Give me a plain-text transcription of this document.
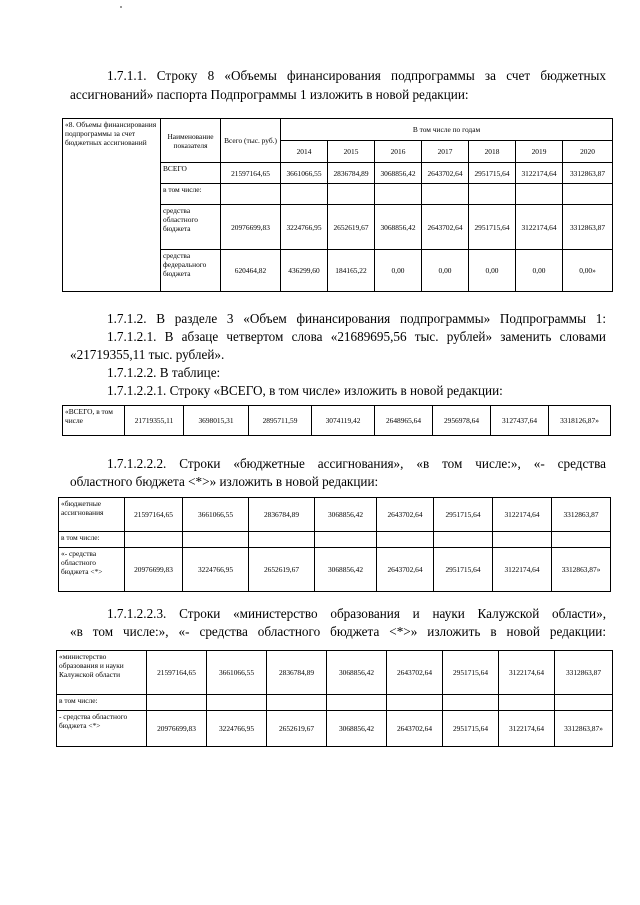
1.7.1.1. Строку 8 «Объемы финансирования подпрограммы за счет бюджетных

ассигнований» паспорта Подпрограммы 1 изложить в новой редакции:

«8. Объемы финансирования подпрограммы за счет бюджетных ассигнований	Наименование показателя	Всего (тыс. руб.)	В том числе по годам						
			2014	2015	2016	2017	2018	2019	2020
	ВСЕГО	21597164,65	3661066,55	2836784,89	3068856,42	2643702,64	2951715,64	3122174,64	3312863,87
	в том числе:								
	средства областного бюджета	20976699,83	3224766,95	2652619,67	3068856,42	2643702,64	2951715,64	3122174,64	3312863,87
	средства федерального бюджета	620464,82	436299,60	184165,22	0,00	0,00	0,00	0,00	0,00»

1.7.1.2. В разделе 3 «Объем финансирования подпрограммы» Подпрограммы 1:

1.7.1.2.1. В абзаце четвертом слова «21689695,56 тыс. рублей» заменить словами

«21719355,11 тыс. рублей».

1.7.1.2.2. В таблице:

1.7.1.2.2.1. Строку «ВСЕГО, в том числе» изложить в новой редакции:

«ВСЕГО, в том числе	21719355,11	3698015,31	2895711,59	3074119,42	2648965,64	2956978,64	3127437,64	3318126,87»

1.7.1.2.2.2. Строки «бюджетные ассигнования», «в том числе:», «- средства

областного бюджета <*>» изложить в новой редакции:

«бюджетные ассигнования	21597164,65	3661066,55	2836784,89	3068856,42	2643702,64	2951715,64	3122174,64	3312863,87
в том числе:								
«- средства областного бюджета <*>	20976699,83	3224766,95	2652619,67	3068856,42	2643702,64	2951715,64	3122174,64	3312863,87»

1.7.1.2.2.3. Строки «министерство образования и науки Калужской области»,

«в том числе:», «- средства областного бюджета <*>» изложить в новой редакции:

«министерство образования и науки Калужской области	21597164,65	3661066,55	2836784,89	3068856,42	2643702,64	2951715,64	3122174,64	3312863,87
в том числе:								
- средства областного бюджета <*>	20976699,83	3224766,95	2652619,67	3068856,42	2643702,64	2951715,64	3122174,64	3312863,87»
